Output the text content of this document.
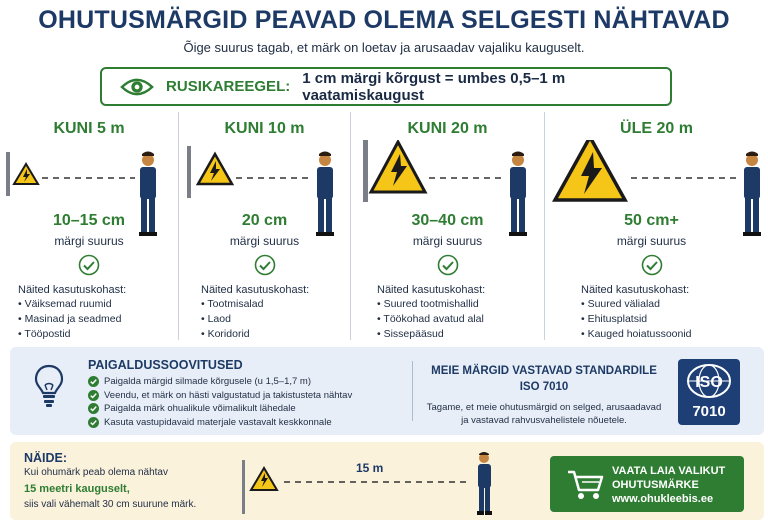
OHUTUSMÄRGID PEAVAD OLEMA SELGESTI NÄHTAVAD
Õige suurus tagab, et märk on loetav ja arusaadav vajaliku kauguselt.
RUSIKAREEGEL: 1 cm märgi kõrgust = umbes 0,5–1 m vaatamiskaugust
KUNI 5 m
10–15 cm
märgi suurus
Näited kasutuskohast:
• Väiksemad ruumid
• Masinad ja seadmed
• Tööpostid
KUNI 10 m
20 cm
märgi suurus
Näited kasutuskohast:
• Tootmisalad
• Laod
• Koridorid
KUNI 20 m
30–40 cm
märgi suurus
Näited kasutuskohast:
• Suured tootmishallid
• Töökohad avatud alal
• Sissepääsud
ÜLE 20 m
50 cm+
märgi suurus
Näited kasutuskohast:
• Suured välialad
• Ehitusplatsid
• Kauged hoiatussoonid
PAIGALDUSSOOVITUSED
Paigalda märgid silmade kõrgusele (u 1,5–1,7 m)
Veendu, et märk on hästi valgustatud ja takistusteta nähtav
Paigalda märk ohualikule võimalikult lähedale
Kasuta vastupidavaid materjale vastavalt keskkonnale
MEIE MÄRGID VASTAVAD STANDARDILE
ISO 7010
Tagame, et meie ohutusmärgid on selged, arusaadavad ja vastavad rahvusvahelistele nõuetele.
ISO
7010
NÄIDE:
Kui ohumärk peab olema nähtav
15 meetri kauguselt,
siis vali vähemalt 30 cm suurune märk.
15 m	VAATA LAIA VALIKUT
OHUTUSMÄRKE
www.ohukleebis.ee
